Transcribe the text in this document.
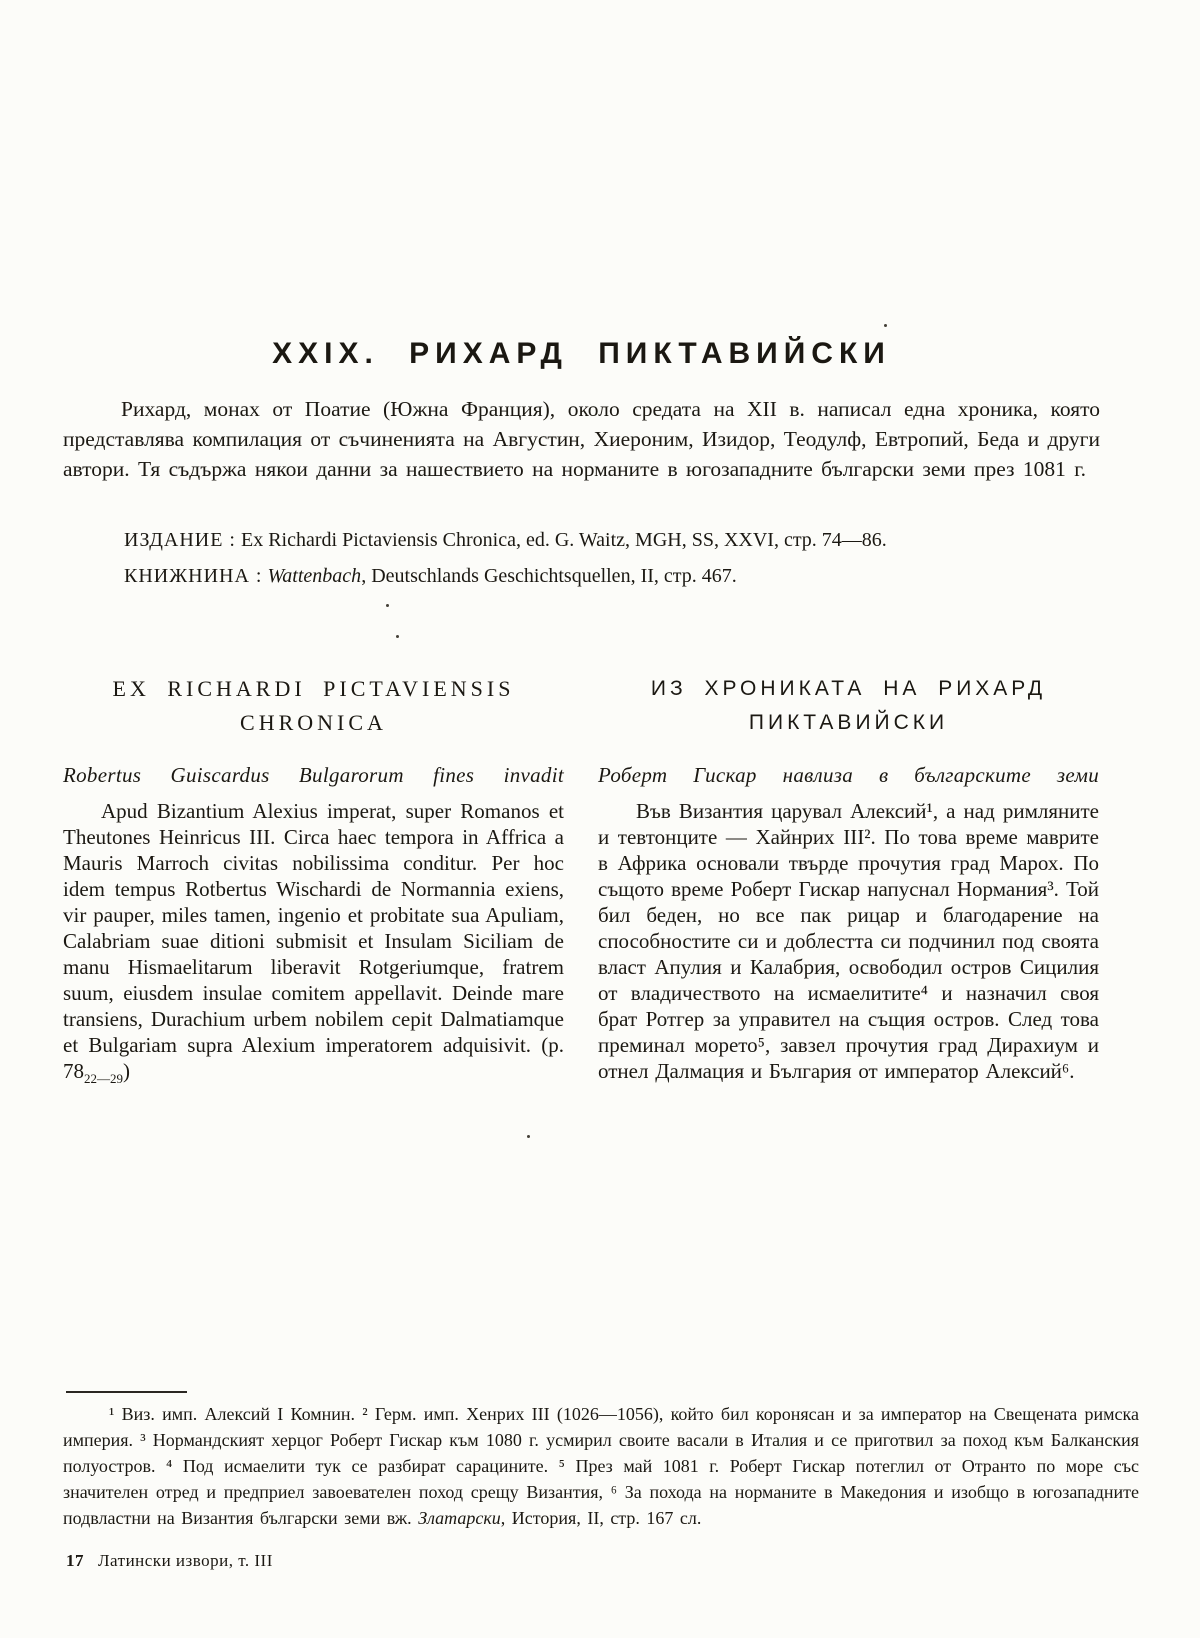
XXIX. РИХАРД ПИКТАВИЙСКИ

Рихард, монах от Поатие (Южна Франция), около средата на XII в. написал една хроника, която представлява компилация от съчиненията на Августин, Хиероним, Изидор, Теодулф, Евтропий, Беда и други автори. Тя съдържа някои данни за нашествието на норманите в югозападните български земи през 1081 г.

ИЗДАНИЕ : Ex Richardi Pictaviensis Chronica, ed. G. Waitz, MGH, SS, XXVI, стр. 74—86.

КНИЖНИНА : Wattenbach, Deutschlands Geschichtsquellen, II, стр. 467.

EX RICHARDI PICTAVIENSIS
CHRONICA
Robertus Guiscardus Bulgarorum fines invadit

Apud Bizantium Alexius imperat, super Romanos et Theutones Heinricus III. Circa haec tempora in Affrica a Mauris Marroch civitas nobilissima conditur. Per hoc idem tempus Rotbertus Wischardi de Normannia exiens, vir pauper, miles tamen, ingenio et probitate sua Apuliam, Calabriam suae ditioni submisit et Insulam Siciliam de manu Hismaelitarum liberavit Rotgeriumque, fratrem suum, eiusdem insulae comitem appellavit. Deinde mare transiens, Durachium urbem nobilem cepit Dalmatiamque et Bulgariam supra Alexium imperatorem adquisivit. (p. $78_{22—29}$)

ИЗ ХРОНИКАТА НА РИХАРД
ПИКТАВИЙСКИ
Роберт Гискар навлиза в българските земи

Във Византия царувал Алексий¹, а над римляните и тевтонците — Хайнрих III². По това време маврите в Африка основали твърде прочутия град Марох. По същото време Роберт Гискар напуснал Нормания³. Той бил беден, но все пак рицар и благодарение на способностите си и доблестта си подчинил под своята власт Апулия и Калабрия, освободил остров Сицилия от владичеството на исмаелитите⁴ и назначил своя брат Ротгер за управител на същия остров. След това преминал морето⁵, завзел прочутия град Дирахиум и отнел Далмация и България от император Алексий⁶.

¹ Виз. имп. Алексий I Комнин. ² Герм. имп. Хенрих III (1026—1056), който бил коронясан и за император на Свещената римска империя. ³ Нормандският херцог Роберт Гискар към 1080 г. усмирил своите васали в Италия и се приготвил за поход към Балканския полуостров. ⁴ Под исмаелити тук се разбират сарацините. ⁵ През май 1081 г. Роберт Гискар потеглил от Отранто по море със значителен отред и предприел завоевателен поход срещу Византия, ⁶ За похода на норманите в Македония и изобщо в югозападните подвластни на Византия български земи вж. Златарски, История, II, стр. 167 сл.

17 Латински извори, т. III
